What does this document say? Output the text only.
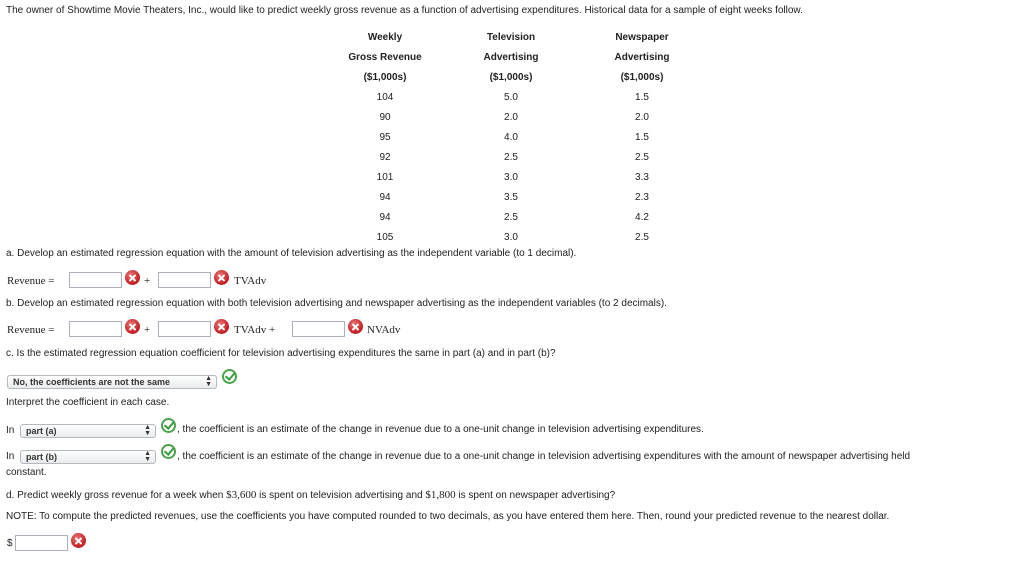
The owner of Showtime Movie Theaters, Inc., would like to predict weekly gross revenue as a function of advertising expenditures. Historical data for a sample of eight weeks follow.
Weekly	Television	Newspaper
Gross Revenue	Advertising	Advertising
($1,000s)	($1,000s)	($1,000s)
104	5.0	1.5
90	2.0	2.0
95	4.0	1.5
92	2.5	2.5
101	3.0	3.3
94	3.5	2.3
94	2.5	4.2
105	3.0	2.5
a. Develop an estimated regression equation with the amount of television advertising as the independent variable (to 1 decimal).
Revenue =	+	TVAdv
b. Develop an estimated regression equation with both television advertising and newspaper advertising as the independent variables (to 2 decimals).
Revenue =	+	TVAdv +	NVAdv
c. Is the estimated regression equation coefficient for television advertising expenditures the same in part (a) and in part (b)?
No, the coefficients are not the same	▲
▼
Interpret the coefficient in each case.
In	part (a)	▲
▼	, the coefficient is an estimate of the change in revenue due to a one-unit change in television advertising expenditures.
In	part (b)	▲
▼	, the coefficient is an estimate of the change in revenue due to a one-unit change in television advertising expenditures with the amount of newspaper advertising held
constant.
d. Predict weekly gross revenue for a week when $3,600 is spent on television advertising and $1,800 is spent on newspaper advertising?
NOTE: To compute the predicted revenues, use the coefficients you have computed rounded to two decimals, as you have entered them here. Then, round your predicted revenue to the nearest dollar.
$
